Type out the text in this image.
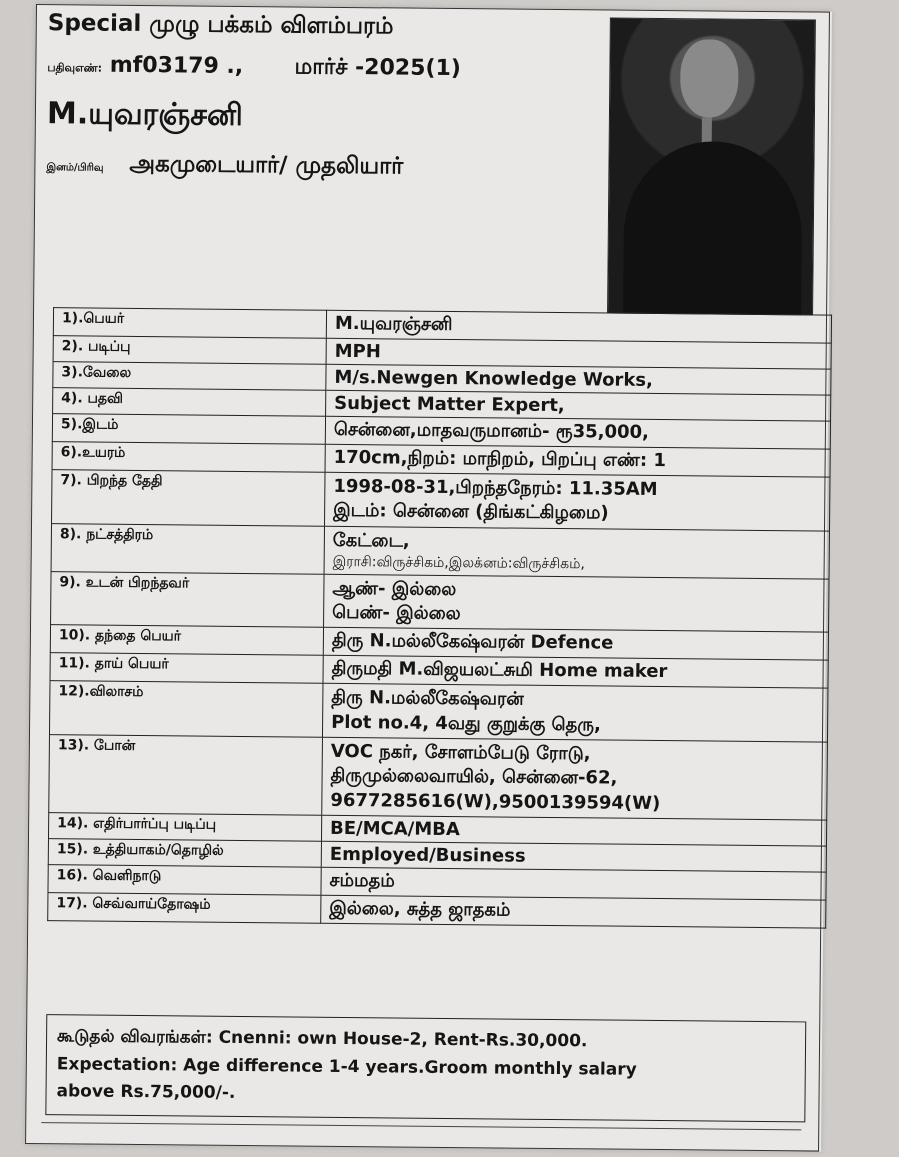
Special முழு பக்கம் விளம்பரம்
பதிவுஎண்: mf03179 ., மார்ச் -2025(1)
M.யுவரஞ்சனி
இனம்/பிரிவு அகமுடையார்/ முதலியார்
1).பெயர்	M.யுவரஞ்சனி
2). படிப்பு	MPH
3).வேலை	M/s.Newgen Knowledge Works,
4). பதவி	Subject Matter Expert,
5).இடம்	சென்னை,மாதவருமானம்- ரூ35,000,
6).உயரம்	170cm,நிறம்: மாநிறம், பிறப்பு எண்: 1
7). பிறந்த தேதி	1998-08-31,பிறந்தநேரம்: 11.35AM
இடம்: சென்னை (திங்கட்கிழமை)

8). நட்சத்திரம்	கேட்டை,
இராசி:விருச்சிகம்,இலக்னம்:விருச்சிகம்,

9). உடன் பிறந்தவர்	ஆண்- இல்லை
பெண்- இல்லை

10). தந்தை பெயர்	திரு N.மல்லீகேஷ்வரன் Defence
11). தாய் பெயர்	திருமதி M.விஜயலட்சுமி Home maker
12).விலாசம்	திரு N.மல்லீகேஷ்வரன்
Plot no.4, 4வது குறுக்கு தெரு,

13). போன்	VOC நகர், சோளம்பேடு ரோடு,
திருமுல்லைவாயில், சென்னை-62,
9677285616(W),9500139594(W)

14). எதிர்பார்ப்பு படிப்பு	BE/MCA/MBA
15). உத்தியாகம்/தொழில்	Employed/Business
16). வெளிநாடு	சம்மதம்
17). செவ்வாய்தோஷம்	இல்லை, சுத்த ஜாதகம்
கூடுதல் விவரங்கள்: Cnenni: own House-2, Rent-Rs.30,000.
Expectation: Age difference 1-4 years.Groom monthly salary
above Rs.75,000/-.
